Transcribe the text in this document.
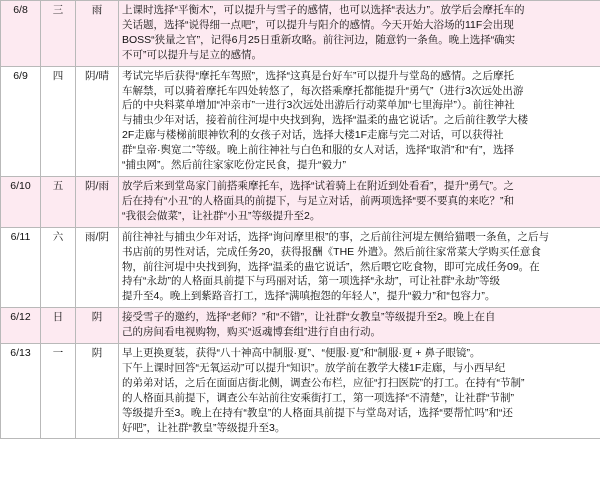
6/8	三	雨	上课时选择“平衡木”，可以提升与雪子的感情，也可以选择“表达力”。放学后会摩托车的
关话题，选择“说得细一点吧”，可以提升与阳介的感情。今天开始大浴场的11F会出现
BOSS“狭量之官”，记得6月25日重新攻略。前往河边，随意钓一条鱼。晚上选择“确实
不可”可以提升与足立的感情。

6/9	四	阴/晴	考试完毕后获得“摩托车驾照”，选择“这真是台好车”可以提升与堂岛的感情。之后摩托
车解禁，可以骑着摩托车四处转悠了，每次搭乘摩托都能提升“勇气”（进行3次远处出游
后的中央料菜单增加“冲亲市”一进行3次远处出游后行动菜单加“七里海岸”）。前往神社
与捕虫少年对话，接着前往河堤中央找到狗，选择“温柔的蛊它说话”。之后前往教学大楼
2F走廊与楼梯前眼神钦利的女孩子对话，选择大楼1F走廊与完二对话，可以获得社
群“皇帝·舆宽二”等级。晚上前往神社与白色和服的女人对话，选择“取消”和“有”，选择
“捕虫网”。然后前往家家吃份定民食，提升“毅力”

6/10	五	阴/雨	放学后来到堂岛家门前搭乘摩托车，选择“试着骑上在附近到处看看”，提升“勇气”。之
后在持有“小丑”的人格面具的前提下，与足立对话，前两项选择“要不要真的来吃？”和
“我很会做菜”，让社群“小丑”等级提升至2。

6/11	六	雨/阴	前往神社与捕虫少年对话，选择“询问摩里根”的事，之后前往河堤左侧给猫喂一条鱼，之后与
书店前的男性对话，完成任务20，获得报酬《THE 外遣》。然后前往家常菜大学购买任意食
物，前往河堤中央找到狗，选择“温柔的蛊它说话”，然后喂它吃食物，即可完成任务09。在
持有“永劫”的人格面具前提下与玛丽对话，第一项选择“永劫”，可让社群“永劫”等级
提升至4。晚上到紫路音打工，选择“满嗔抱怨的年轻人”，提升“毅力”和“包容力”。

6/12	日	阴	接受雪子的邀约，选择“老师？”和“不错”，让社群“女教皇”等级提升至2。晚上在自
己的房间看电视购物，购买“返魂博套组”进行自由行动。

6/13	一	阴	早上更换夏装，获得“八十神高中制服·夏”、“便服·夏”和“制服·夏 + 鼻子眼镜”。
下午上课时回答“无氧运动”可以提升“知识”。放学前在教学大楼1F走廊，与小西早纪
的弟弟对话，之后在面面店街北侧，调查公布栏，应征“打扫医院”的打工。在持有“节制”
的人格面具前提下，调查公车站前往安乘街打工，第一项选择“不清楚”，让社群“节制”
等级提升至3。晚上在持有“教皇”的人格面具前提下与堂岛对话，选择“要帮忙吗”和“还
好吧”，让社群“教皇”等级提升至3。
